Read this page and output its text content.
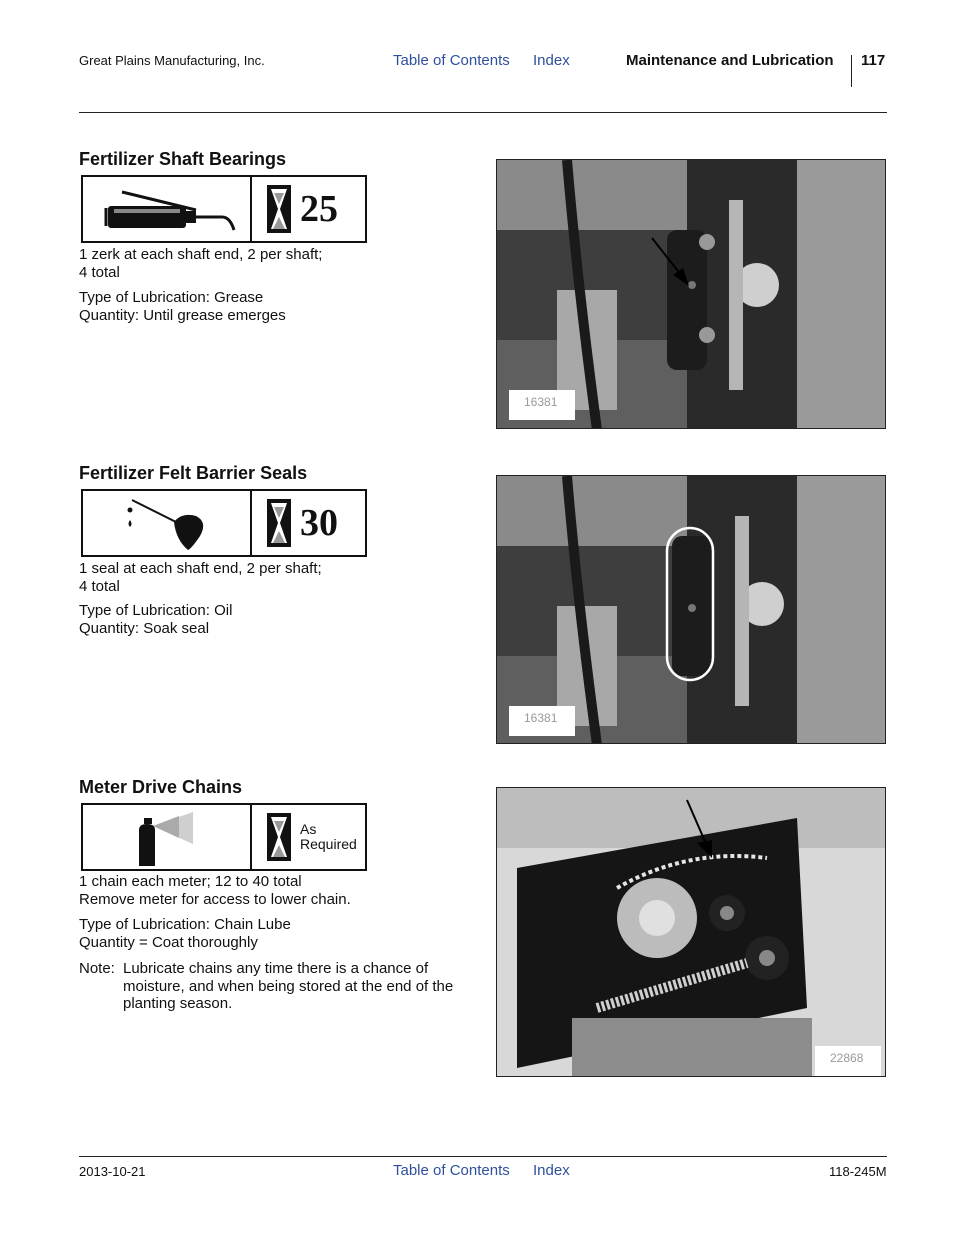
Great Plains Manufacturing, Inc.	Table of Contents Index	Maintenance and Lubrication 117
Fertilizer Shaft Bearings
25
1 zerk at each shaft end, 2 per shaft;
4 total
Type of Lubrication: Grease
Quantity: Until grease emerges
16381
Fertilizer Felt Barrier Seals
30
1 seal at each shaft end, 2 per shaft;
4 total
Type of Lubrication: Oil
Quantity: Soak seal
16381
Meter Drive Chains
As
Required
1 chain each meter; 12 to 40 total
Remove meter for access to lower chain.
Type of Lubrication: Chain Lube
Quantity = Coat thoroughly
Note: Lubricate chains any time there is a chance of moisture, and when being stored at the end of the planting season.
22868
2013-10-21	Table of Contents Index	118-245M
